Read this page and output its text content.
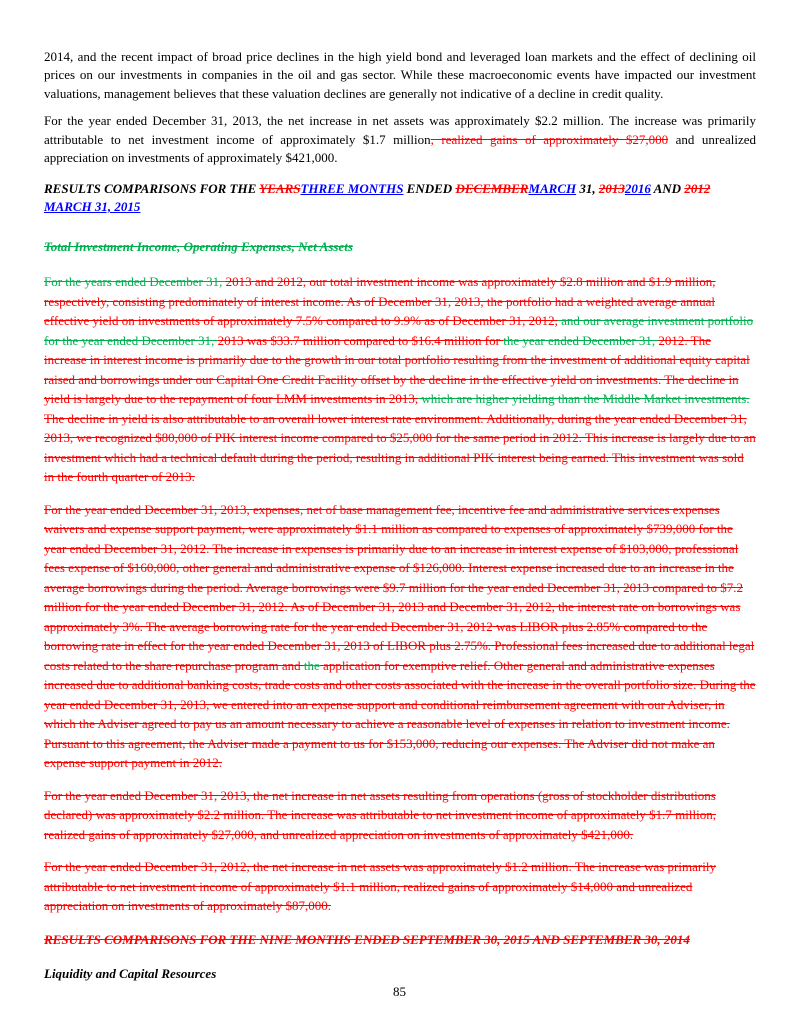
2014, and the recent impact of broad price declines in the high yield bond and leveraged loan markets and the effect of declining oil prices on our investments in companies in the oil and gas sector. While these macroeconomic events have impacted our investment valuations, management believes that these valuation declines are generally not indicative of a decline in credit quality.

For the year ended December 31, 2013, the net increase in net assets was approximately $2.2 million. The increase was primarily attributable to net investment income of approximately $1.7 million, realized gains of approximately $27,000 and unrealized appreciation on investments of approximately $421,000.

RESULTS COMPARISONS FOR THE YEARSTHREE MONTHS ENDED DECEMBERMARCH 31, 20132016 AND 2012
MARCH 31, 2015

Total Investment Income, Operating Expenses, Net Assets

For the years ended December 31, 2013 and 2012, our total investment income was approximately $2.8 million and $1.9 million, respectively, consisting predominately of interest income. As of December 31, 2013, the portfolio had a weighted average annual effective yield on investments of approximately 7.5% compared to 9.9% as of December 31, 2012, and our average investment portfolio for the year ended December 31, 2013 was $33.7 million compared to $16.4 million for the year ended December 31, 2012. The increase in interest income is primarily due to the growth in our total portfolio resulting from the investment of additional equity capital raised and borrowings under our Capital One Credit Facility offset by the decline in the effective yield on investments. The decline in yield is largely due to the repayment of four LMM investments in 2013, which are higher yielding than the Middle Market investments. The decline in yield is also attributable to an overall lower interest rate environment. Additionally, during the year ended December 31, 2013, we recognized $80,000 of PIK interest income compared to $25,000 for the same period in 2012. This increase is largely due to an investment which had a technical default during the period, resulting in additional PIK interest being earned. This investment was sold in the fourth quarter of 2013.

For the year ended December 31, 2013, expenses, net of base management fee, incentive fee and administrative services expenses waivers and expense support payment, were approximately $1.1 million as compared to expenses of approximately $739,000 for the year ended December 31, 2012. The increase in expenses is primarily due to an increase in interest expense of $103,000, professional fees expense of $160,000, other general and administrative expense of $126,000. Interest expense increased due to an increase in the average borrowings during the period. Average borrowings were $9.7 million for the year ended December 31, 2013 compared to $7.2 million for the year ended December 31, 2012. As of December 31, 2013 and December 31, 2012, the interest rate on borrowings was approximately 3%. The average borrowing rate for the year ended December 31, 2012 was LIBOR plus 2.85% compared to the borrowing rate in effect for the year ended December 31, 2013 of LIBOR plus 2.75%. Professional fees increased due to additional legal costs related to the share repurchase program and the application for exemptive relief. Other general and administrative expenses increased due to additional banking costs, trade costs and other costs associated with the increase in the overall portfolio size. During the year ended December 31, 2013, we entered into an expense support and conditional reimbursement agreement with our Adviser, in which the Adviser agreed to pay us an amount necessary to achieve a reasonable level of expenses in relation to investment income. Pursuant to this agreement, the Adviser made a payment to us for $153,000, reducing our expenses. The Adviser did not make an expense support payment in 2012.

For the year ended December 31, 2013, the net increase in net assets resulting from operations (gross of stockholder distributions declared) was approximately $2.2 million. The increase was attributable to net investment income of approximately $1.7 million, realized gains of approximately $27,000, and unrealized appreciation on investments of approximately $421,000.

For the year ended December 31, 2012, the net increase in net assets was approximately $1.2 million. The increase was primarily attributable to net investment income of approximately $1.1 million, realized gains of approximately $14,000 and unrealized appreciation on investments of approximately $87,000.

RESULTS COMPARISONS FOR THE NINE MONTHS ENDED SEPTEMBER 30, 2015 AND SEPTEMBER 30, 2014

Liquidity and Capital Resources

85
